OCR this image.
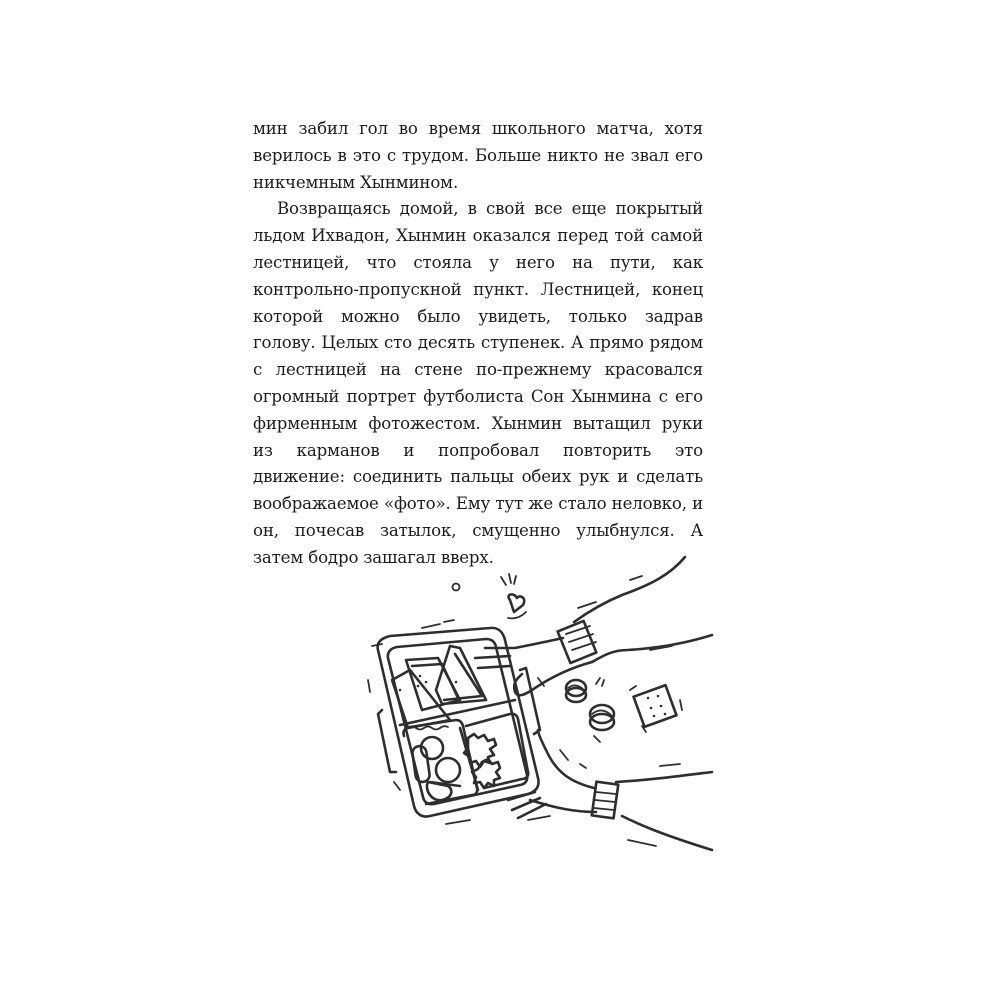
мин забил гол во время школьного матча, хотя верилось в это с трудом. Больше никто не звал его никчемным Хынмином.

Возвращаясь домой, в свой все еще покрытый льдом Ихвадон, Хынмин оказался перед той самой лестницей, что стояла у него на пути, как контрольно-пропускной пункт. Лестницей, конец которой можно было увидеть, только задрав голову. Целых сто десять ступенек. А прямо рядом с лестницей на стене по-прежнему красовался огромный портрет футболиста Сон Хынмина с его фирменным фотожестом. Хынмин вытащил руки из карманов и попробовал повторить это движение: соединить пальцы обеих рук и сделать воображаемое «фото». Ему тут же стало неловко, и он, почесав затылок, смущенно улыбнулся. А затем бодро зашагал вверх.
